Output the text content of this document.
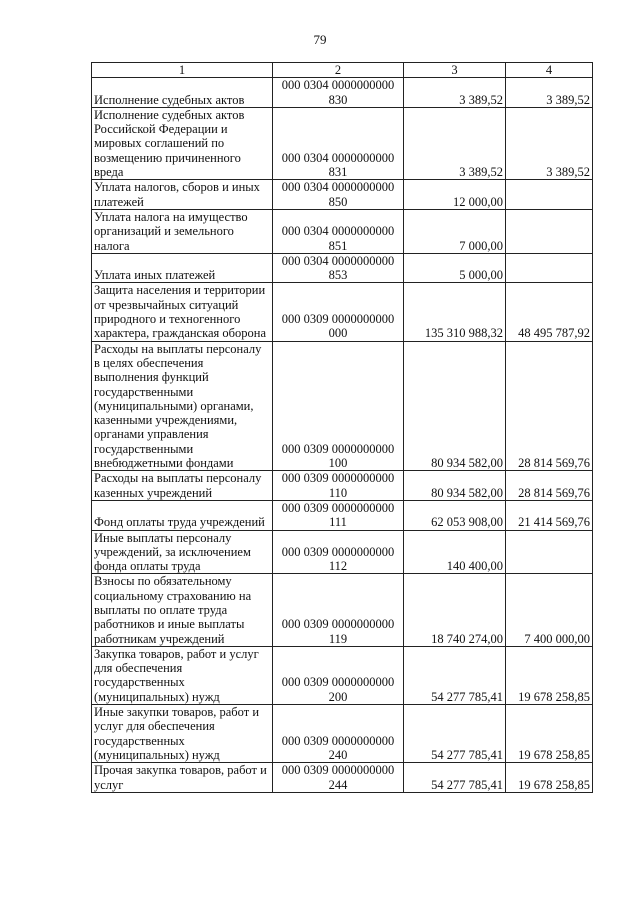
79
1	2	3	4
Исполнение судебных актов	000 0304 0000000000 830	3 389,52	3 389,52
Исполнение судебных актов Российской Федерации и мировых соглашений по возмещению причиненного вреда	000 0304 0000000000 831	3 389,52	3 389,52
Уплата налогов, сборов и иных платежей	000 0304 0000000000 850	12 000,00	
Уплата налога на имущество организаций и земельного налога	000 0304 0000000000 851	7 000,00	
Уплата иных платежей	000 0304 0000000000 853	5 000,00	
Защита населения и территории от чрезвычайных ситуаций природного и техногенного характера, гражданская оборона	000 0309 0000000000 000	135 310 988,32	48 495 787,92
Расходы на выплаты персоналу в целях обеспечения выполнения функций государственными (муниципальными) органами, казенными учреждениями, органами управления государственными внебюджетными фондами	000 0309 0000000000 100	80 934 582,00	28 814 569,76
Расходы на выплаты персоналу казенных учреждений	000 0309 0000000000 110	80 934 582,00	28 814 569,76
Фонд оплаты труда учреждений	000 0309 0000000000 111	62 053 908,00	21 414 569,76
Иные выплаты персоналу учреждений, за исключением фонда оплаты труда	000 0309 0000000000 112	140 400,00	
Взносы по обязательному социальному страхованию на выплаты по оплате труда работников и иные выплаты работникам учреждений	000 0309 0000000000 119	18 740 274,00	7 400 000,00
Закупка товаров, работ и услуг для обеспечения государственных (муниципальных) нужд	000 0309 0000000000 200	54 277 785,41	19 678 258,85
Иные закупки товаров, работ и услуг для обеспечения государственных (муниципальных) нужд	000 0309 0000000000 240	54 277 785,41	19 678 258,85
Прочая закупка товаров, работ и услуг	000 0309 0000000000 244	54 277 785,41	19 678 258,85
